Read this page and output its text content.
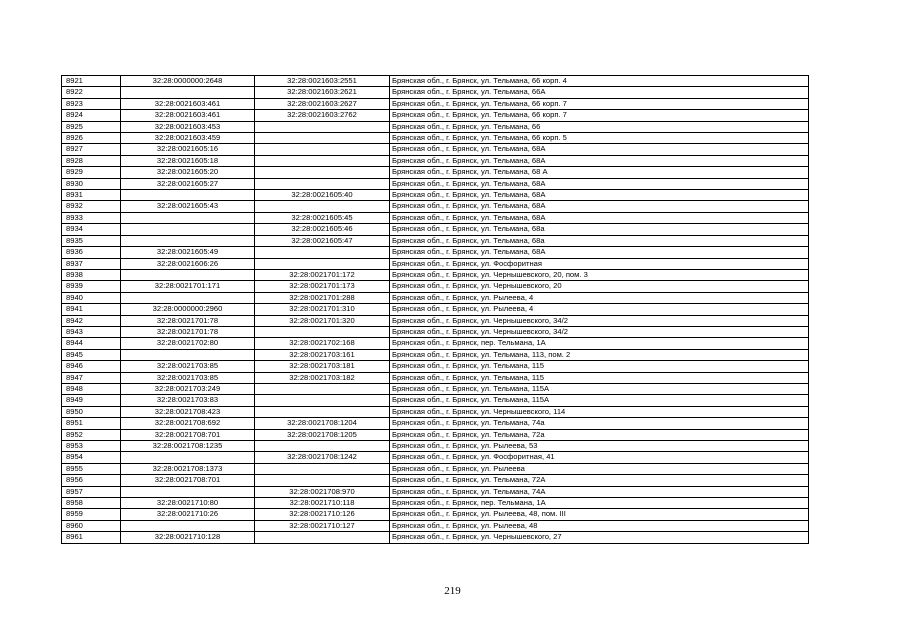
8921	32:28:0000000:2648	32:28:0021603:2551	Брянская обл., г. Брянск, ул. Тельмана, 66 корп. 4
8922		32:28:0021603:2621	Брянская обл., г. Брянск, ул. Тельмана, 66А
8923	32:28:0021603:461	32:28:0021603:2627	Брянская обл., г. Брянск, ул. Тельмана, 66 корп. 7
8924	32:28:0021603:461	32:28:0021603:2762	Брянская обл., г. Брянск, ул. Тельмана, 66 корп. 7
8925	32:28:0021603:453		Брянская обл., г. Брянск, ул. Тельмана, 66
8926	32:28:0021603:459		Брянская обл., г. Брянск, ул. Тельмана, 66 корп. 5
8927	32:28:0021605:16		Брянская обл., г. Брянск, ул. Тельмана, 68А
8928	32:28:0021605:18		Брянская обл., г. Брянск, ул. Тельмана, 68А
8929	32:28:0021605:20		Брянская обл., г. Брянск, ул. Тельмана, 68 А
8930	32:28:0021605:27		Брянская обл., г. Брянск, ул. Тельмана, 68А
8931		32:28:0021605:40	Брянская обл., г. Брянск, ул. Тельмана, 68А
8932	32:28:0021605:43		Брянская обл., г. Брянск, ул. Тельмана, 68А
8933		32:28:0021605:45	Брянская обл., г. Брянск, ул. Тельмана, 68А
8934		32:28:0021605:46	Брянская обл., г. Брянск, ул. Тельмана, 68а
8935		32:28:0021605:47	Брянская обл., г. Брянск, ул. Тельмана, 68а
8936	32:28:0021605:49		Брянская обл., г. Брянск, ул. Тельмана, 68А
8937	32:28:0021606:26		Брянская обл., г. Брянск, ул. Фосфоритная
8938		32:28:0021701:172	Брянская обл., г. Брянск, ул. Чернышевского, 20, пом. 3
8939	32:28:0021701:171	32:28:0021701:173	Брянская обл., г. Брянск, ул. Чернышевского, 20
8940		32:28:0021701:288	Брянская обл., г. Брянск, ул. Рылеева, 4
8941	32:28:0000000:2960	32:28:0021701:310	Брянская обл., г. Брянск, ул. Рылеева, 4
8942	32:28:0021701:78	32:28:0021701:320	Брянская обл., г. Брянск, ул. Чернышевского, 34/2
8943	32:28:0021701:78		Брянская обл., г. Брянск, ул. Чернышевского, 34/2
8944	32:28:0021702:80	32:28:0021702:168	Брянская обл., г. Брянск, пер. Тельмана, 1А
8945		32:28:0021703:161	Брянская обл., г. Брянск, ул. Тельмана, 113, пом. 2
8946	32:28:0021703:85	32:28:0021703:181	Брянская обл., г. Брянск, ул. Тельмана, 115
8947	32:28:0021703:85	32:28:0021703:182	Брянская обл., г. Брянск, ул. Тельмана, 115
8948	32:28:0021703:249		Брянская обл., г. Брянск, ул. Тельмана, 115А
8949	32:28:0021703:83		Брянская обл., г. Брянск, ул. Тельмана, 115А
8950	32:28:0021708:423		Брянская обл., г. Брянск, ул. Чернышевского, 114
8951	32:28:0021708:692	32:28:0021708:1204	Брянская обл., г. Брянск, ул. Тельмана, 74а
8952	32:28:0021708:701	32:28:0021708:1205	Брянская обл., г. Брянск, ул. Тельмана, 72а
8953	32:28:0021708:1235		Брянская обл., г. Брянск, ул. Рылеева, 53
8954		32:28:0021708:1242	Брянская обл., г. Брянск, ул. Фосфоритная, 41
8955	32:28:0021708:1373		Брянская обл., г. Брянск, ул. Рылеева
8956	32:28:0021708:701		Брянская обл., г. Брянск, ул. Тельмана, 72А
8957		32:28:0021708:970	Брянская обл., г. Брянск, ул. Тельмана, 74А
8958	32:28:0021710:80	32:28:0021710:118	Брянская обл., г. Брянск, пер. Тельмана, 1А
8959	32:28:0021710:26	32:28:0021710:126	Брянская обл., г. Брянск, ул. Рылеева, 48, пом. III
8960		32:28:0021710:127	Брянская обл., г. Брянск, ул. Рылеева, 48
8961	32:28:0021710:128		Брянская обл., г. Брянск, ул. Чернышевского, 27
219
